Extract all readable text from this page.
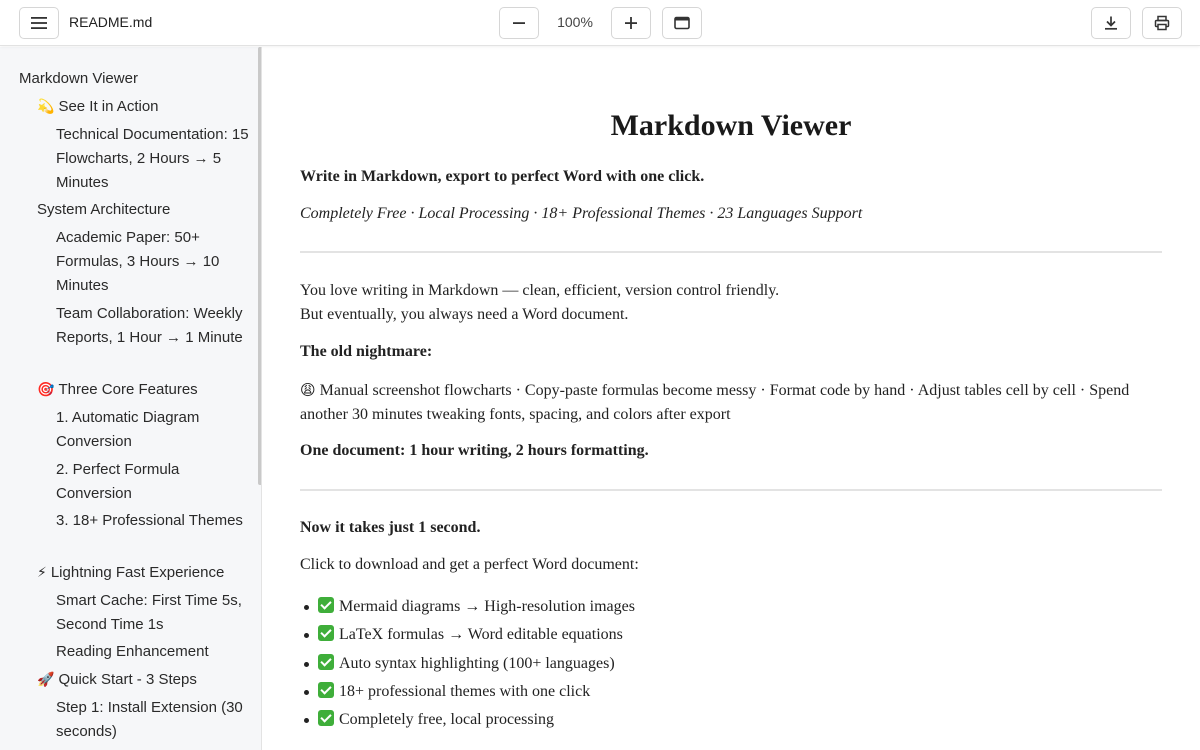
README.md	100%
Markdown Viewer
💫 See It in Action
Technical Documentation: 15 Flowcharts, 2 Hours → 5 Minutes
System Architecture
Academic Paper: 50+ Formulas, 3 Hours → 10 Minutes
Team Collaboration: Weekly Reports, 1 Hour → 1 Minute
🎯 Three Core Features
1. Automatic Diagram Conversion
2. Perfect Formula Conversion
3. 18+ Professional Themes
⚡ Lightning Fast Experience
Smart Cache: First Time 5s, Second Time 1s
Reading Enhancement
🚀 Quick Start - 3 Steps
Step 1: Install Extension (30 seconds)
Markdown Viewer
Write in Markdown, export to perfect Word with one click.
Completely Free · Local Processing · 18+ Professional Themes · 23 Languages Support
You love writing in Markdown — clean, efficient, version control friendly.
But eventually, you always need a Word document.
The old nightmare:
😩 Manual screenshot flowcharts · Copy-paste formulas become messy · Format code by hand · Adjust tables cell by cell · Spend another 30 minutes tweaking fonts, spacing, and colors after export
One document: 1 hour writing, 2 hours formatting.
Now it takes just 1 second.
Click to download and get a perfect Word document:
Mermaid diagrams → High-resolution images
LaTeX formulas → Word editable equations
Auto syntax highlighting (100+ languages)
18+ professional themes with one click
Completely free, local processing
